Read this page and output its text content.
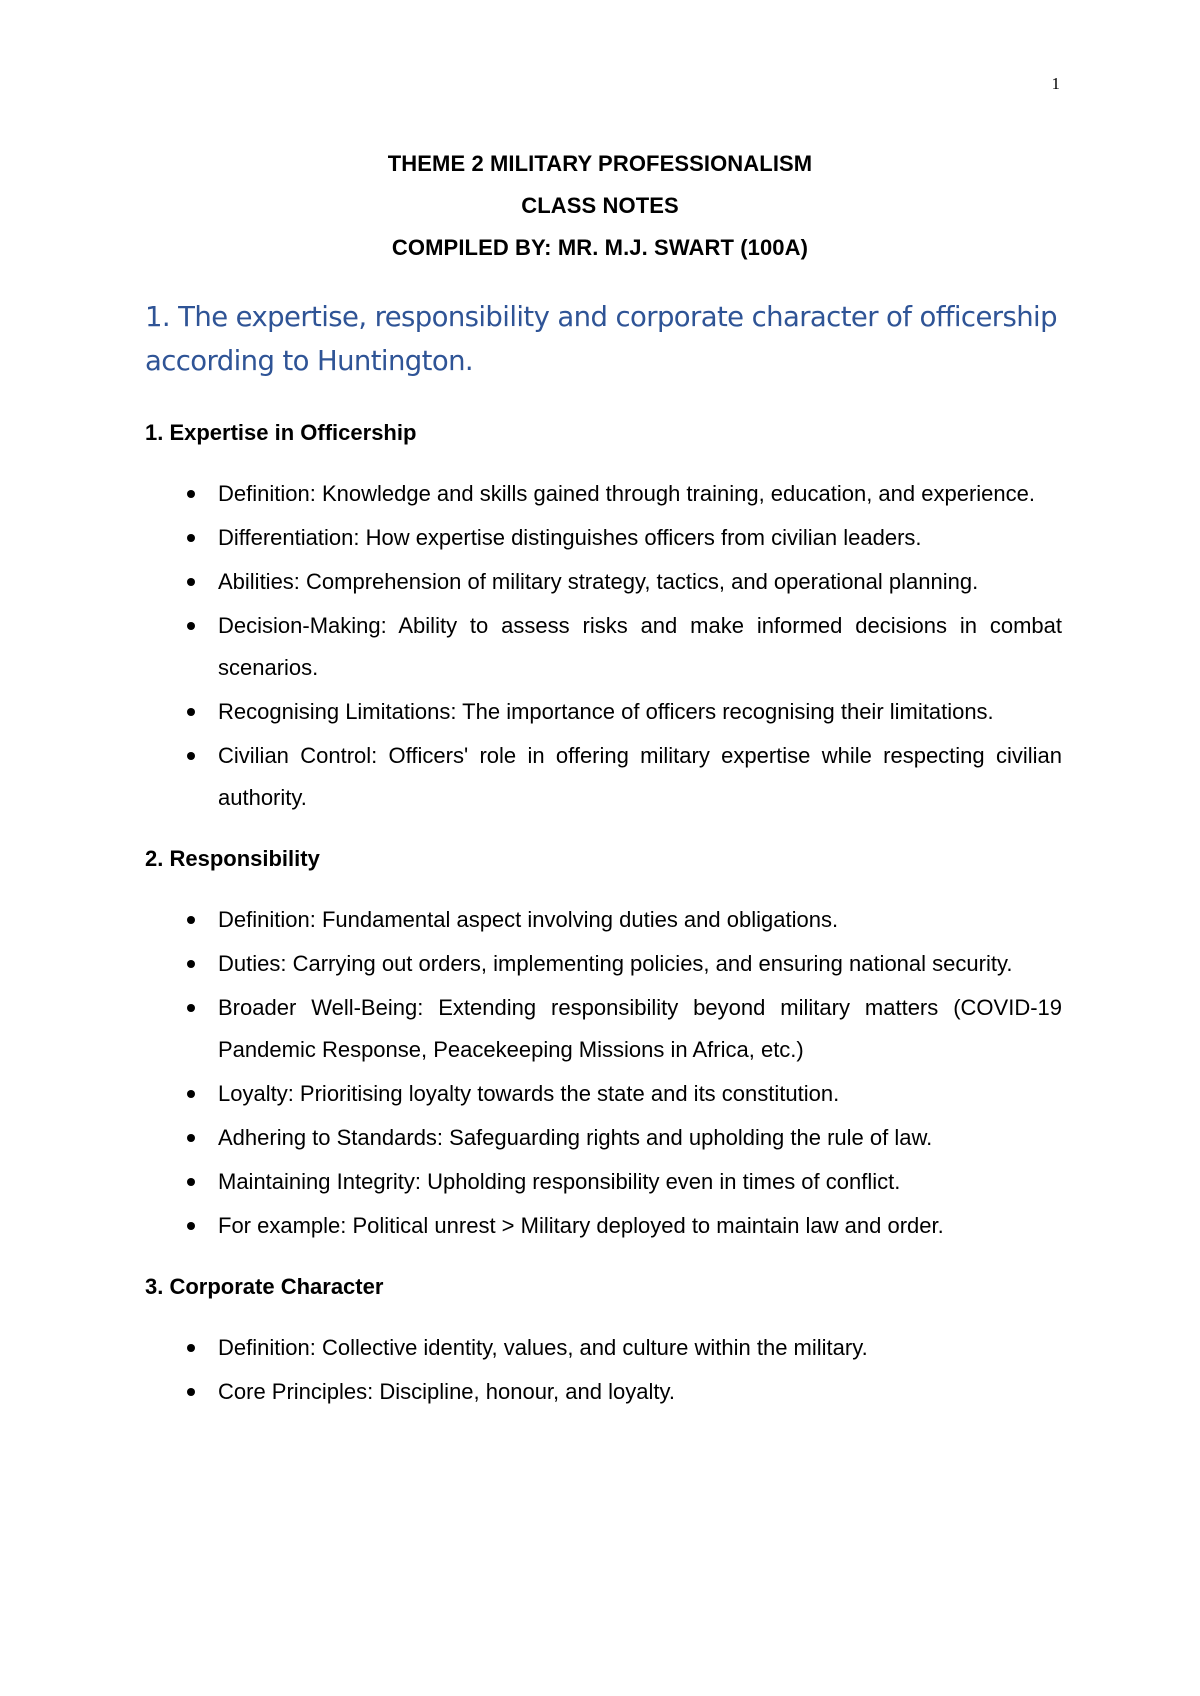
1
THEME 2 MILITARY PROFESSIONALISM
CLASS NOTES
COMPILED BY: MR. M.J. SWART (100A)
1. The expertise, responsibility and corporate character of officership according to Huntington.
1. Expertise in Officership
Definition: Knowledge and skills gained through training, education, and experience.
Differentiation: How expertise distinguishes officers from civilian leaders.
Abilities: Comprehension of military strategy, tactics, and operational planning.
Decision-Making: Ability to assess risks and make informed decisions in combat scenarios.
Recognising Limitations: The importance of officers recognising their limitations.
Civilian Control: Officers' role in offering military expertise while respecting civilian authority.
2. Responsibility
Definition: Fundamental aspect involving duties and obligations.
Duties: Carrying out orders, implementing policies, and ensuring national security.
Broader Well-Being: Extending responsibility beyond military matters (COVID-19 Pandemic Response, Peacekeeping Missions in Africa, etc.)
Loyalty: Prioritising loyalty towards the state and its constitution.
Adhering to Standards: Safeguarding rights and upholding the rule of law.
Maintaining Integrity: Upholding responsibility even in times of conflict.
For example: Political unrest > Military deployed to maintain law and order.
3. Corporate Character
Definition: Collective identity, values, and culture within the military.
Core Principles: Discipline, honour, and loyalty.
